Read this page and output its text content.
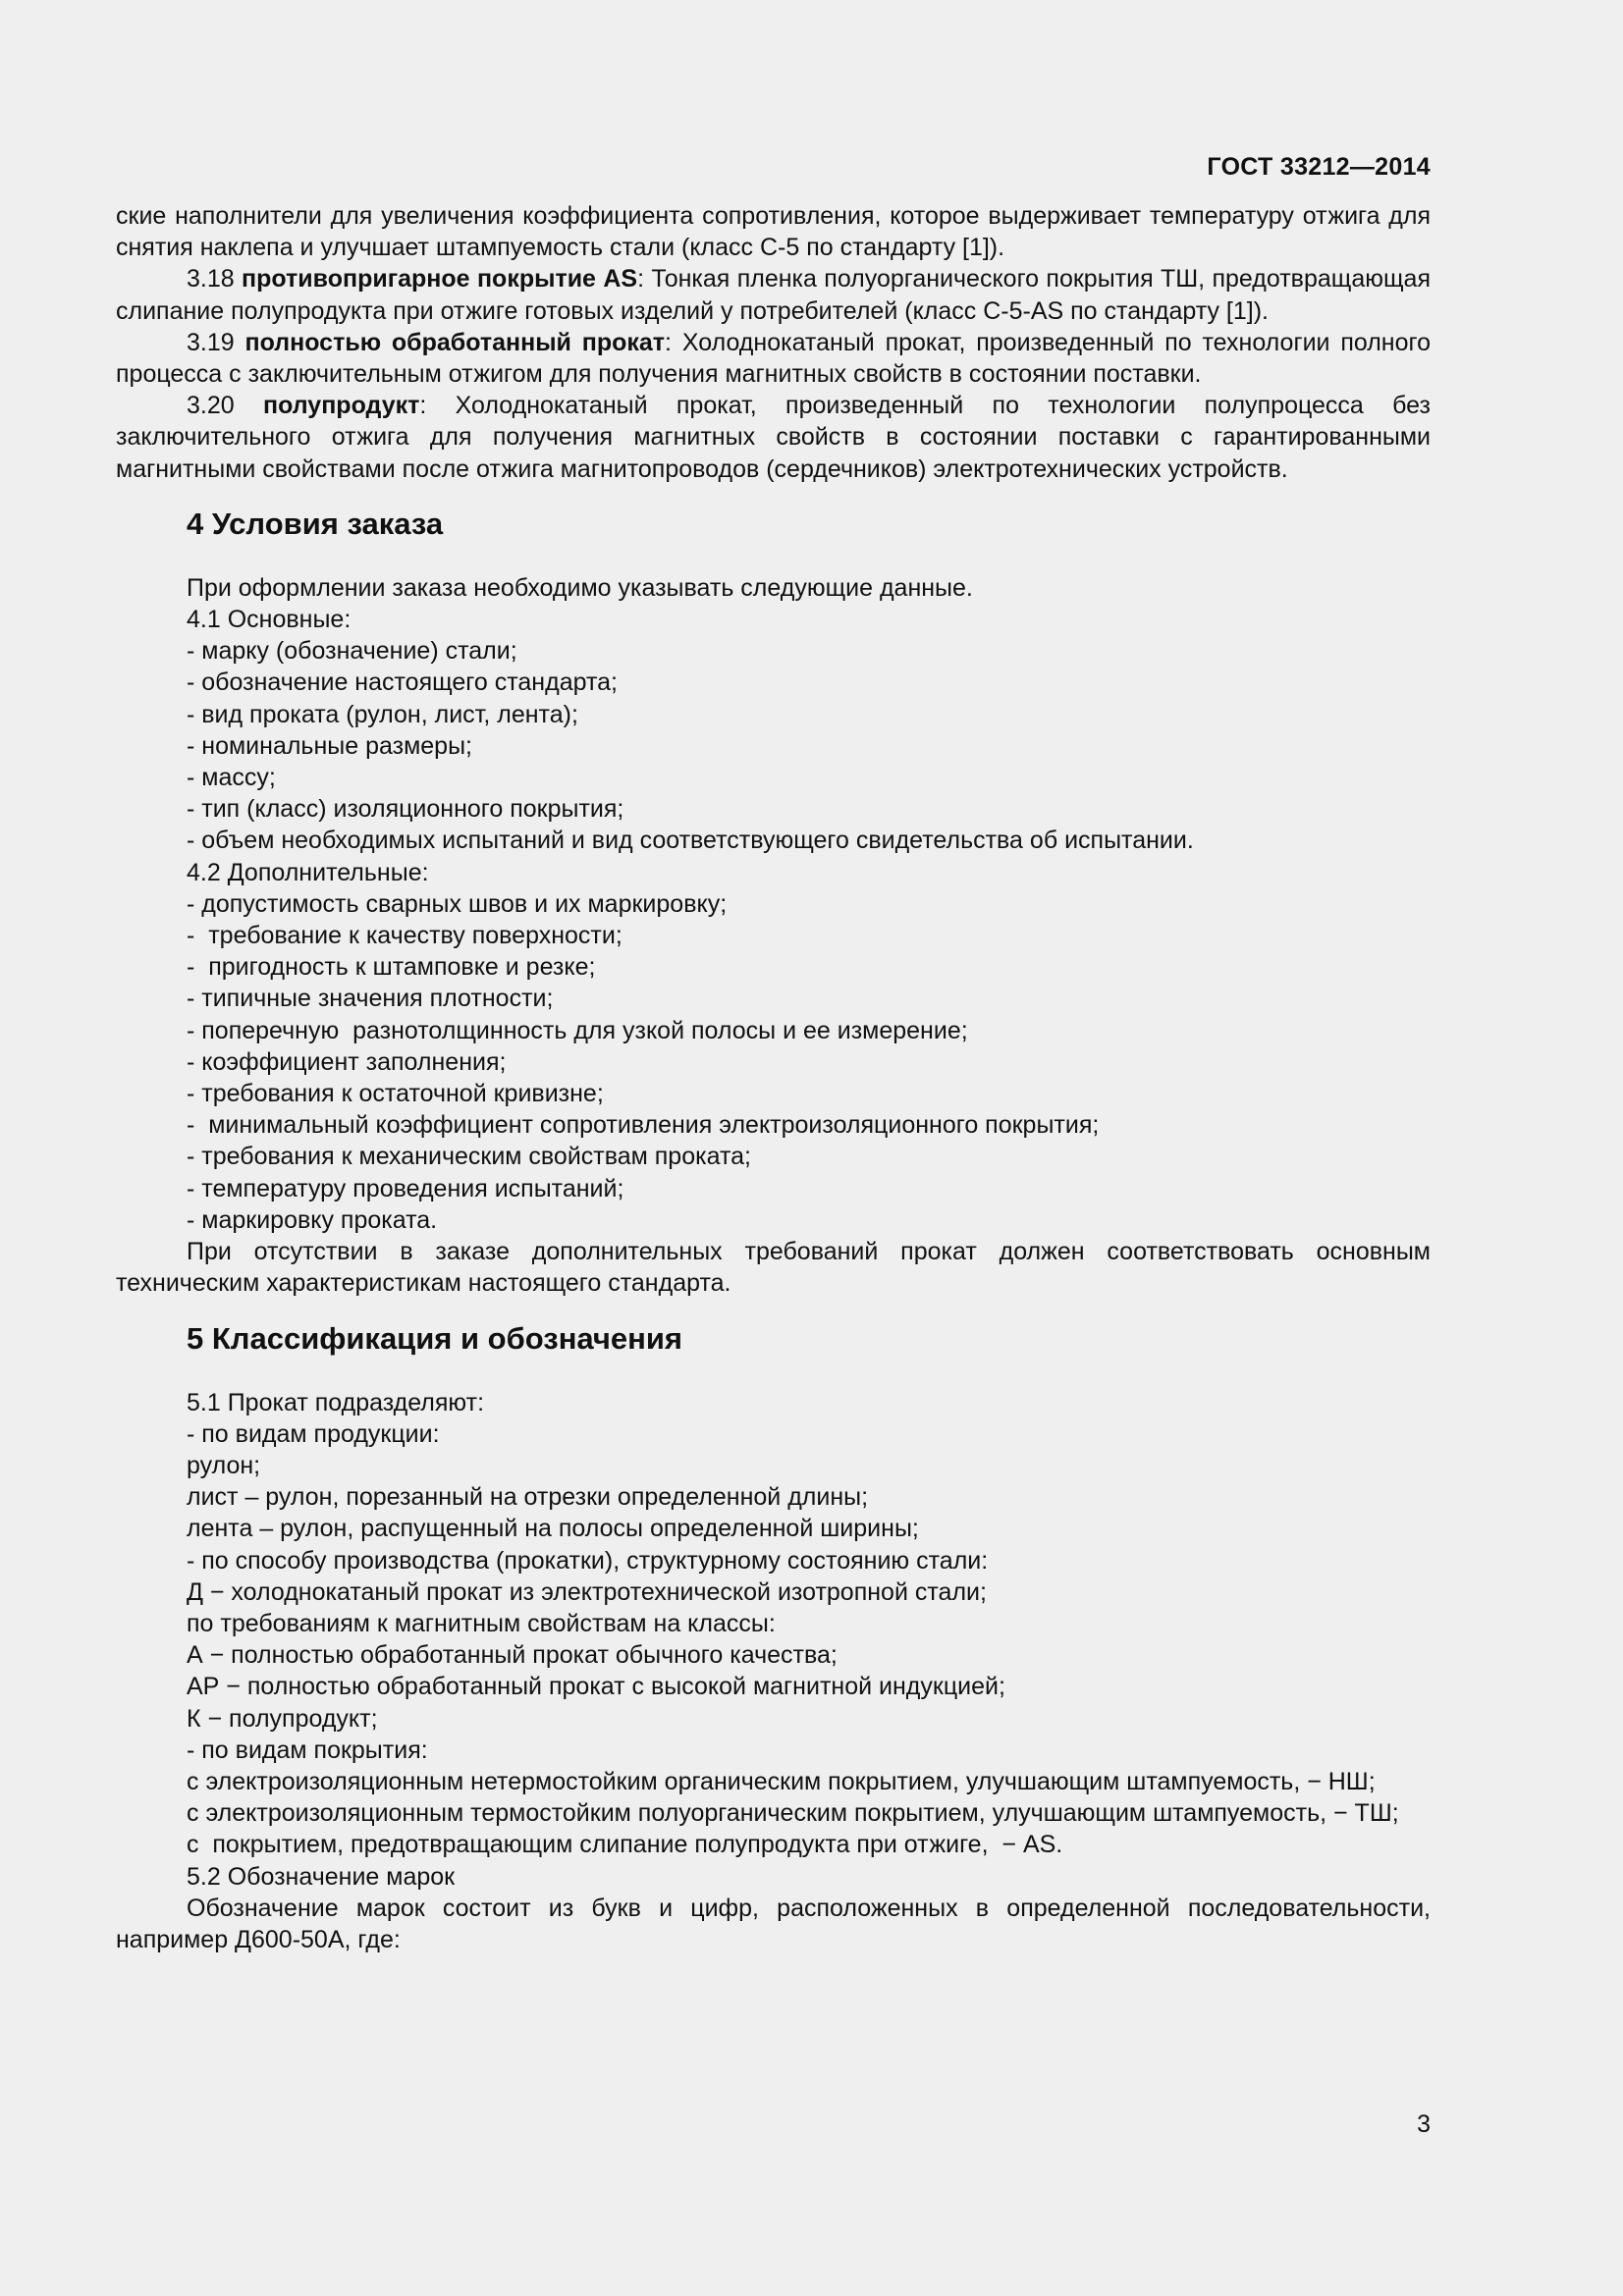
ГОСТ 33212—2014

ские наполнители для увеличения коэффициента сопротивления, которое выдерживает температуру отжига для снятия наклепа и улучшает штампуемость стали (класс С-5 по стандарту [1]).

3.18 противопригарное покрытие AS: Тонкая пленка полуорганического покрытия ТШ, предотвращающая слипание полупродукта при отжиге готовых изделий у потребителей (класс С-5-AS по стандарту [1]).

3.19 полностью обработанный прокат: Холоднокатаный прокат, произведенный по технологии полного процесса с заключительным отжигом для получения магнитных свойств в состоянии поставки.

3.20 полупродукт: Холоднокатаный прокат, произведенный по технологии полупроцесса без заключительного отжига для получения магнитных свойств в состоянии поставки с гарантированными магнитными свойствами после отжига магнитопроводов (сердечников) электротехнических устройств.

4 Условия заказа

При оформлении заказа необходимо указывать следующие данные.

4.1 Основные:

- марку (обозначение) стали;

- обозначение настоящего стандарта;

- вид проката (рулон, лист, лента);

- номинальные размеры;

- массу;

- тип (класс) изоляционного покрытия;

- объем необходимых испытаний и вид соответствующего свидетельства об испытании.

4.2 Дополнительные:

- допустимость сварных швов и их маркировку;

-  требование к качеству поверхности;

-  пригодность к штамповке и резке;

- типичные значения плотности;

- поперечную  разнотолщинность для узкой полосы и ее измерение;

- коэффициент заполнения;

- требования к остаточной кривизне;

-  минимальный коэффициент сопротивления электроизоляционного покрытия;

- требования к механическим свойствам проката;

- температуру проведения испытаний;

- маркировку проката.

При отсутствии в заказе дополнительных требований прокат должен соответствовать основным техническим характеристикам настоящего стандарта.

5 Классификация и обозначения

5.1 Прокат подразделяют:

- по видам продукции:

рулон;

лист – рулон, порезанный на отрезки определенной длины;

лента – рулон, распущенный на полосы определенной ширины;

- по способу производства (прокатки), структурному состоянию стали:

Д − холоднокатаный прокат из электротехнической изотропной стали;

по требованиям к магнитным свойствам на классы:

А − полностью обработанный прокат обычного качества;

АР − полностью обработанный прокат с высокой магнитной индукцией;

К − полупродукт;

- по видам покрытия:

с электроизоляционным нетермостойким органическим покрытием, улучшающим штампуемость, − НШ;

с электроизоляционным термостойким полуорганическим покрытием, улучшающим штампуемость, − ТШ;

с  покрытием, предотвращающим слипание полупродукта при отжиге,  − AS.

5.2 Обозначение марок

Обозначение марок состоит из букв и цифр, расположенных в определенной последовательности, например Д600-50А, где:

3
